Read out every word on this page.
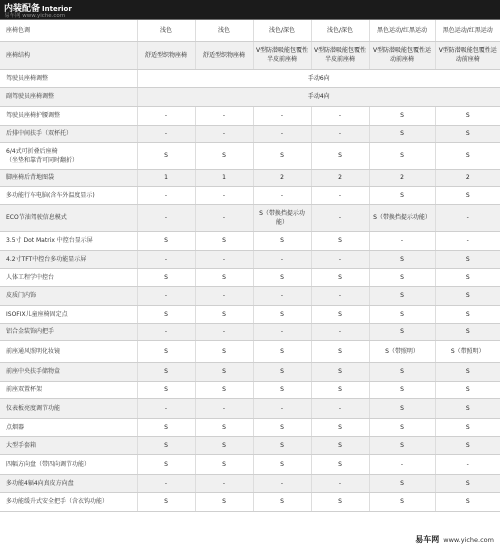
内装配备 Interior
易车网 www.yiche.com
座椅色调	浅色	浅色	浅色/深色	浅色/深色	黑色运动/红黑运动	黑色运动/红黑运动
座椅结构	舒适型织物座椅	舒适型织物座椅	V型防潜吸能包覆性半皮前座椅	V型防潜吸能包覆性半皮前座椅	V型防潜吸能包覆性运动前座椅	V型防潜吸能包覆性运动前座椅
驾驶员座椅调整	手动6向					
副驾驶员座椅调整	手动4向					
驾驶员座椅护腰调整	-	-	-	-	S	S
后排中间扶手（双杯托）	-	-	-	-	S	S
6/4式可折叠后座椅
（坐垫和靠背可同时翻折）	S	S	S	S	S	S
脚座椅后背地图袋	1	1	2	2	2	2
多功能行车电脑(含车外温度显示)	-	-	-	-	S	S
ECO节油驾驶信息模式	-	-	S（带换挡提示功能）	-	S（带换挡提示功能）	-
3.5寸 Dot Matrix 中控台显示屏	S	S	S	S	-	-
4.2寸TFT中控台多功能显示屏	-	-	-	-	S	S
人体工程学中控台	S	S	S	S	S	S
皮质门内饰	-	-	-	-	S	S
ISOFIX儿童座椅固定点	S	S	S	S	S	S
铝合金装饰内把手	-	-	-	-	S	S
前座通风照明化妆镜	S	S	S	S	S（带照明）	S（带照明）
前座中央扶手储物盒	S	S	S	S	S	S
前座双置杯架	S	S	S	S	S	S
仪表板亮度调节功能	-	-	-	-	S	S
点烟器	S	S	S	S	S	S
大型手套箱	S	S	S	S	S	S
四幅方向盘（带四向调节功能）	S	S	S	S	-	-
多功能4辐4向真皮方向盘	-	-	-	-	S	S
多功能缓升式安全把手（含衣钩功能）	S	S	S	S	S	S
易车网 www.yiche.com
